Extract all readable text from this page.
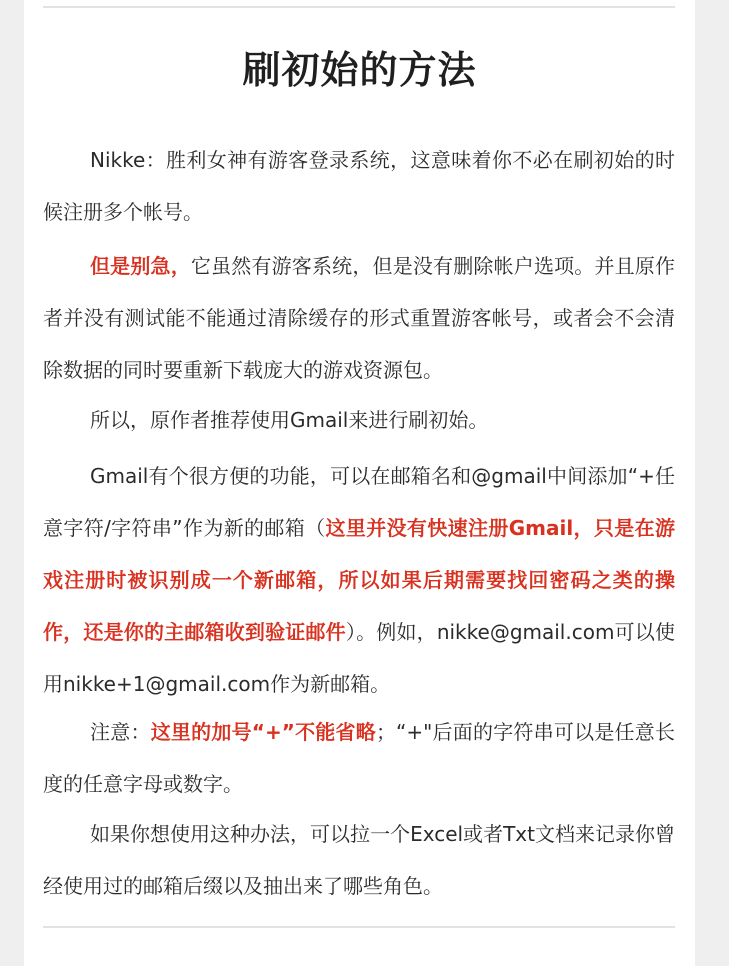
刷初始的方法

Nikke：胜利女神有游客登录系统，这意味着你不必在刷初始的时候注册多个帐号。

但是别急，它虽然有游客系统，但是没有删除帐户选项。并且原作者并没有测试能不能通过清除缓存的形式重置游客帐号，或者会不会清除数据的同时要重新下载庞大的游戏资源包。

所以，原作者推荐使用Gmail来进行刷初始。

Gmail有个很方便的功能，可以在邮箱名和@gmail中间添加“+任意字符/字符串”作为新的邮箱（这里并没有快速注册Gmail，只是在游戏注册时被识别成一个新邮箱，所以如果后期需要找回密码之类的操作，还是你的主邮箱收到验证邮件）。例如，nikke@gmail.com可以使用nikke+1@gmail.com作为新邮箱。

注意：这里的加号“+”不能省略；“+"后面的字符串可以是任意长度的任意字母或数字。

如果你想使用这种办法，可以拉一个Excel或者Txt文档来记录你曾经使用过的邮箱后缀以及抽出来了哪些角色。
